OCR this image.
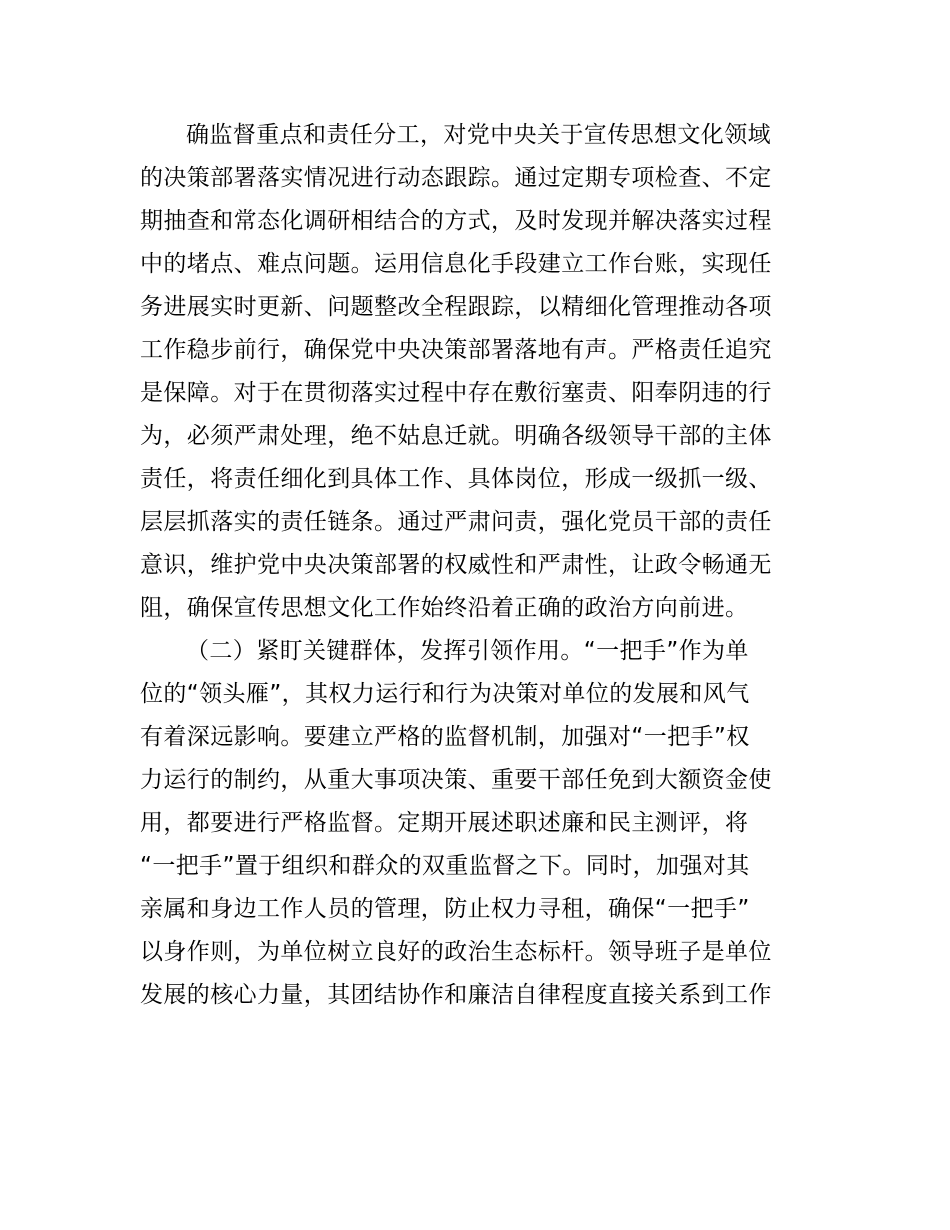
确监督重点和责任分工，对党中央关于宣传思想文化领域
的决策部署落实情况进行动态跟踪。通过定期专项检查、不定
期抽查和常态化调研相结合的方式，及时发现并解决落实过程
中的堵点、难点问题。运用信息化手段建立工作台账，实现任
务进展实时更新、问题整改全程跟踪，以精细化管理推动各项
工作稳步前行，确保党中央决策部署落地有声。严格责任追究
是保障。对于在贯彻落实过程中存在敷衍塞责、阳奉阴违的行
为，必须严肃处理，绝不姑息迁就。明确各级领导干部的主体
责任，将责任细化到具体工作、具体岗位，形成一级抓一级、
层层抓落实的责任链条。通过严肃问责，强化党员干部的责任
意识，维护党中央决策部署的权威性和严肃性，让政令畅通无
阻，确保宣传思想文化工作始终沿着正确的政治方向前进。
（二）紧盯关键群体，发挥引领作用。“一把手”作为单
位的“领头雁”，其权力运行和行为决策对单位的发展和风气
有着深远影响。要建立严格的监督机制，加强对“一把手”权
力运行的制约，从重大事项决策、重要干部任免到大额资金使
用，都要进行严格监督。定期开展述职述廉和民主测评，将
“一把手”置于组织和群众的双重监督之下。同时，加强对其
亲属和身边工作人员的管理，防止权力寻租，确保“一把手”
以身作则，为单位树立良好的政治生态标杆。领导班子是单位
发展的核心力量，其团结协作和廉洁自律程度直接关系到工作
